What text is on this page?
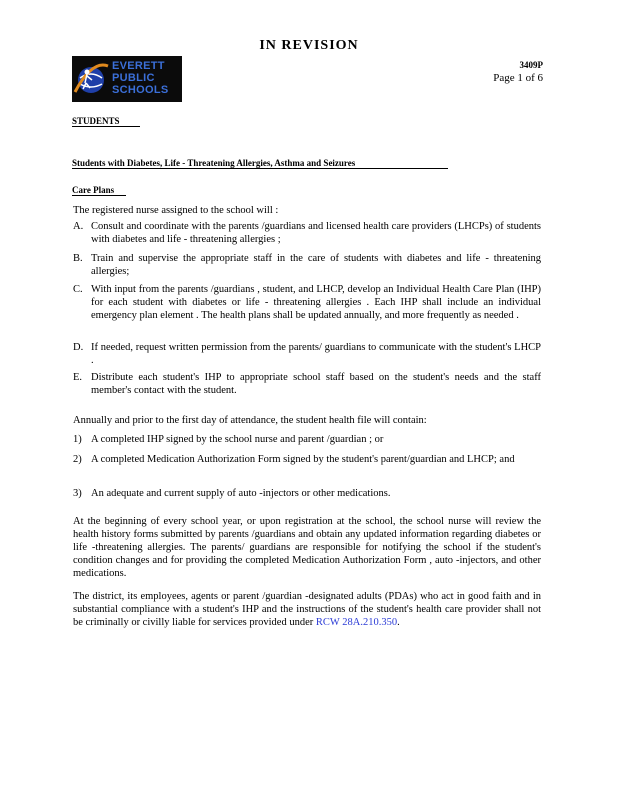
IN REVISION
EVERETT PUBLIC SCHOOLS
3409P
Page 1 of 6
STUDENTS
Students with Diabetes, Life - Threatening Allergies, Asthma and Seizures
Care Plans
The registered nurse assigned to the school will :
A. Consult and coordinate with the parents /guardians and licensed health care providers (LHCPs) of students with diabetes and life - threatening allergies ;
B. Train and supervise the appropriate staff in the care of students with diabetes and life - threatening allergies;
C. With input from the parents /guardians , student, and LHCP, develop an Individual Health Care Plan (IHP) for each student with diabetes or life - threatening allergies . Each IHP shall include an individual emergency plan element . The health plans shall be updated annually, and more frequently as needed .
D. If needed, request written permission from the parents/ guardians to communicate with the student's LHCP .
E. Distribute each student's IHP to appropriate school staff based on the student's needs and the staff member's contact with the student.
Annually and prior to the first day of attendance, the student health file will contain:
1) A completed IHP signed by the school nurse and parent /guardian ; or
2) A completed Medication Authorization Form signed by the student's parent/guardian and LHCP; and
3) An adequate and current supply of auto -injectors or other medications.
At the beginning of every school year, or upon registration at the school, the school nurse will review the health history forms submitted by parents /guardians and obtain any updated information regarding diabetes or life -threatening allergies. The parents/ guardians are responsible for notifying the school if the student's condition changes and for providing the completed Medication Authorization Form , auto -injectors, and other medications.
The district, its employees, agents or parent /guardian -designated adults (PDAs) who act in good faith and in substantial compliance with a student's IHP and the instructions of the student's health care provider shall not be criminally or civilly liable for services provided under RCW 28A.210.350.
